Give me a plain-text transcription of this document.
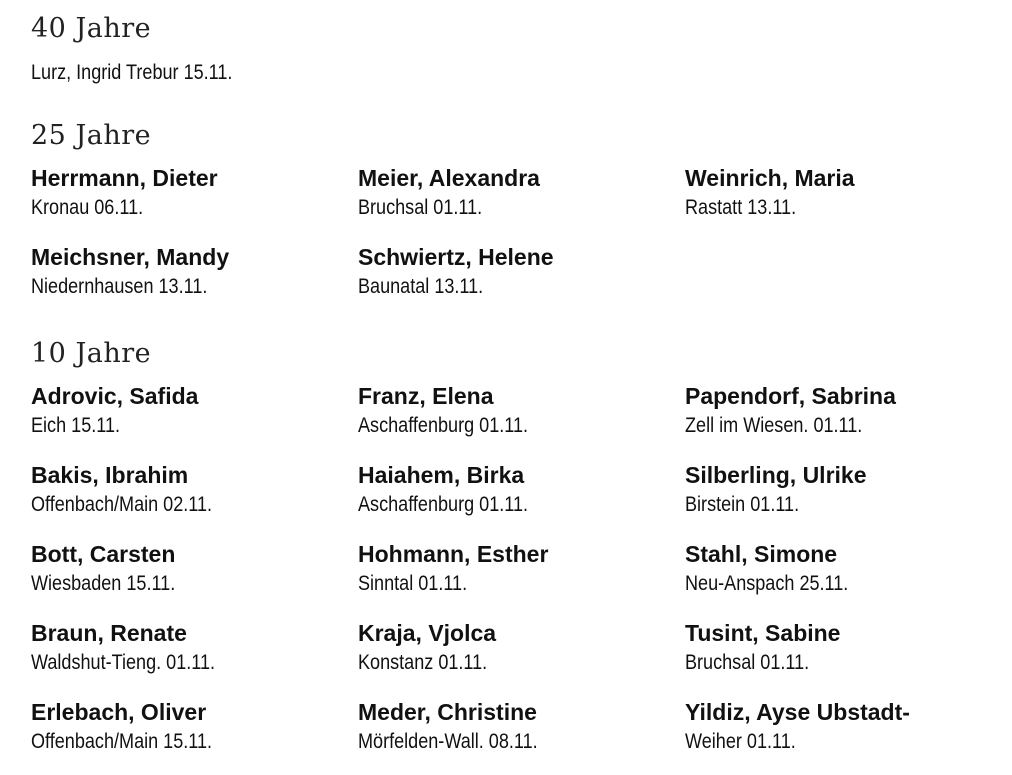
40 Jahre
Lurz, Ingrid Trebur 15.11.
25 Jahre
Herrmann, Dieter
Kronau 06.11.
Meier, Alexandra
Bruchsal 01.11.
Weinrich, Maria
Rastatt 13.11.
Meichsner, Mandy
Niedernhausen 13.11.
Schwiertz, Helene
Baunatal 13.11.
10 Jahre
Adrovic, Safida
Eich 15.11.
Franz, Elena
Aschaffenburg 01.11.
Papendorf, Sabrina
Zell im Wiesen. 01.11.
Bakis, Ibrahim
Offenbach/Main 02.11.
Haiahem, Birka
Aschaffenburg 01.11.
Silberling, Ulrike
Birstein 01.11.
Bott, Carsten
Wiesbaden 15.11.
Hohmann, Esther
Sinntal 01.11.
Stahl, Simone
Neu-Anspach 25.11.
Braun, Renate
Waldshut-Tieng. 01.11.
Kraja, Vjolca
Konstanz 01.11.
Tusint, Sabine
Bruchsal 01.11.
Erlebach, Oliver
Offenbach/Main 15.11.
Meder, Christine
Mörfelden-Wall. 08.11.
Yildiz, Ayse Ubstadt-
Weiher 01.11.
